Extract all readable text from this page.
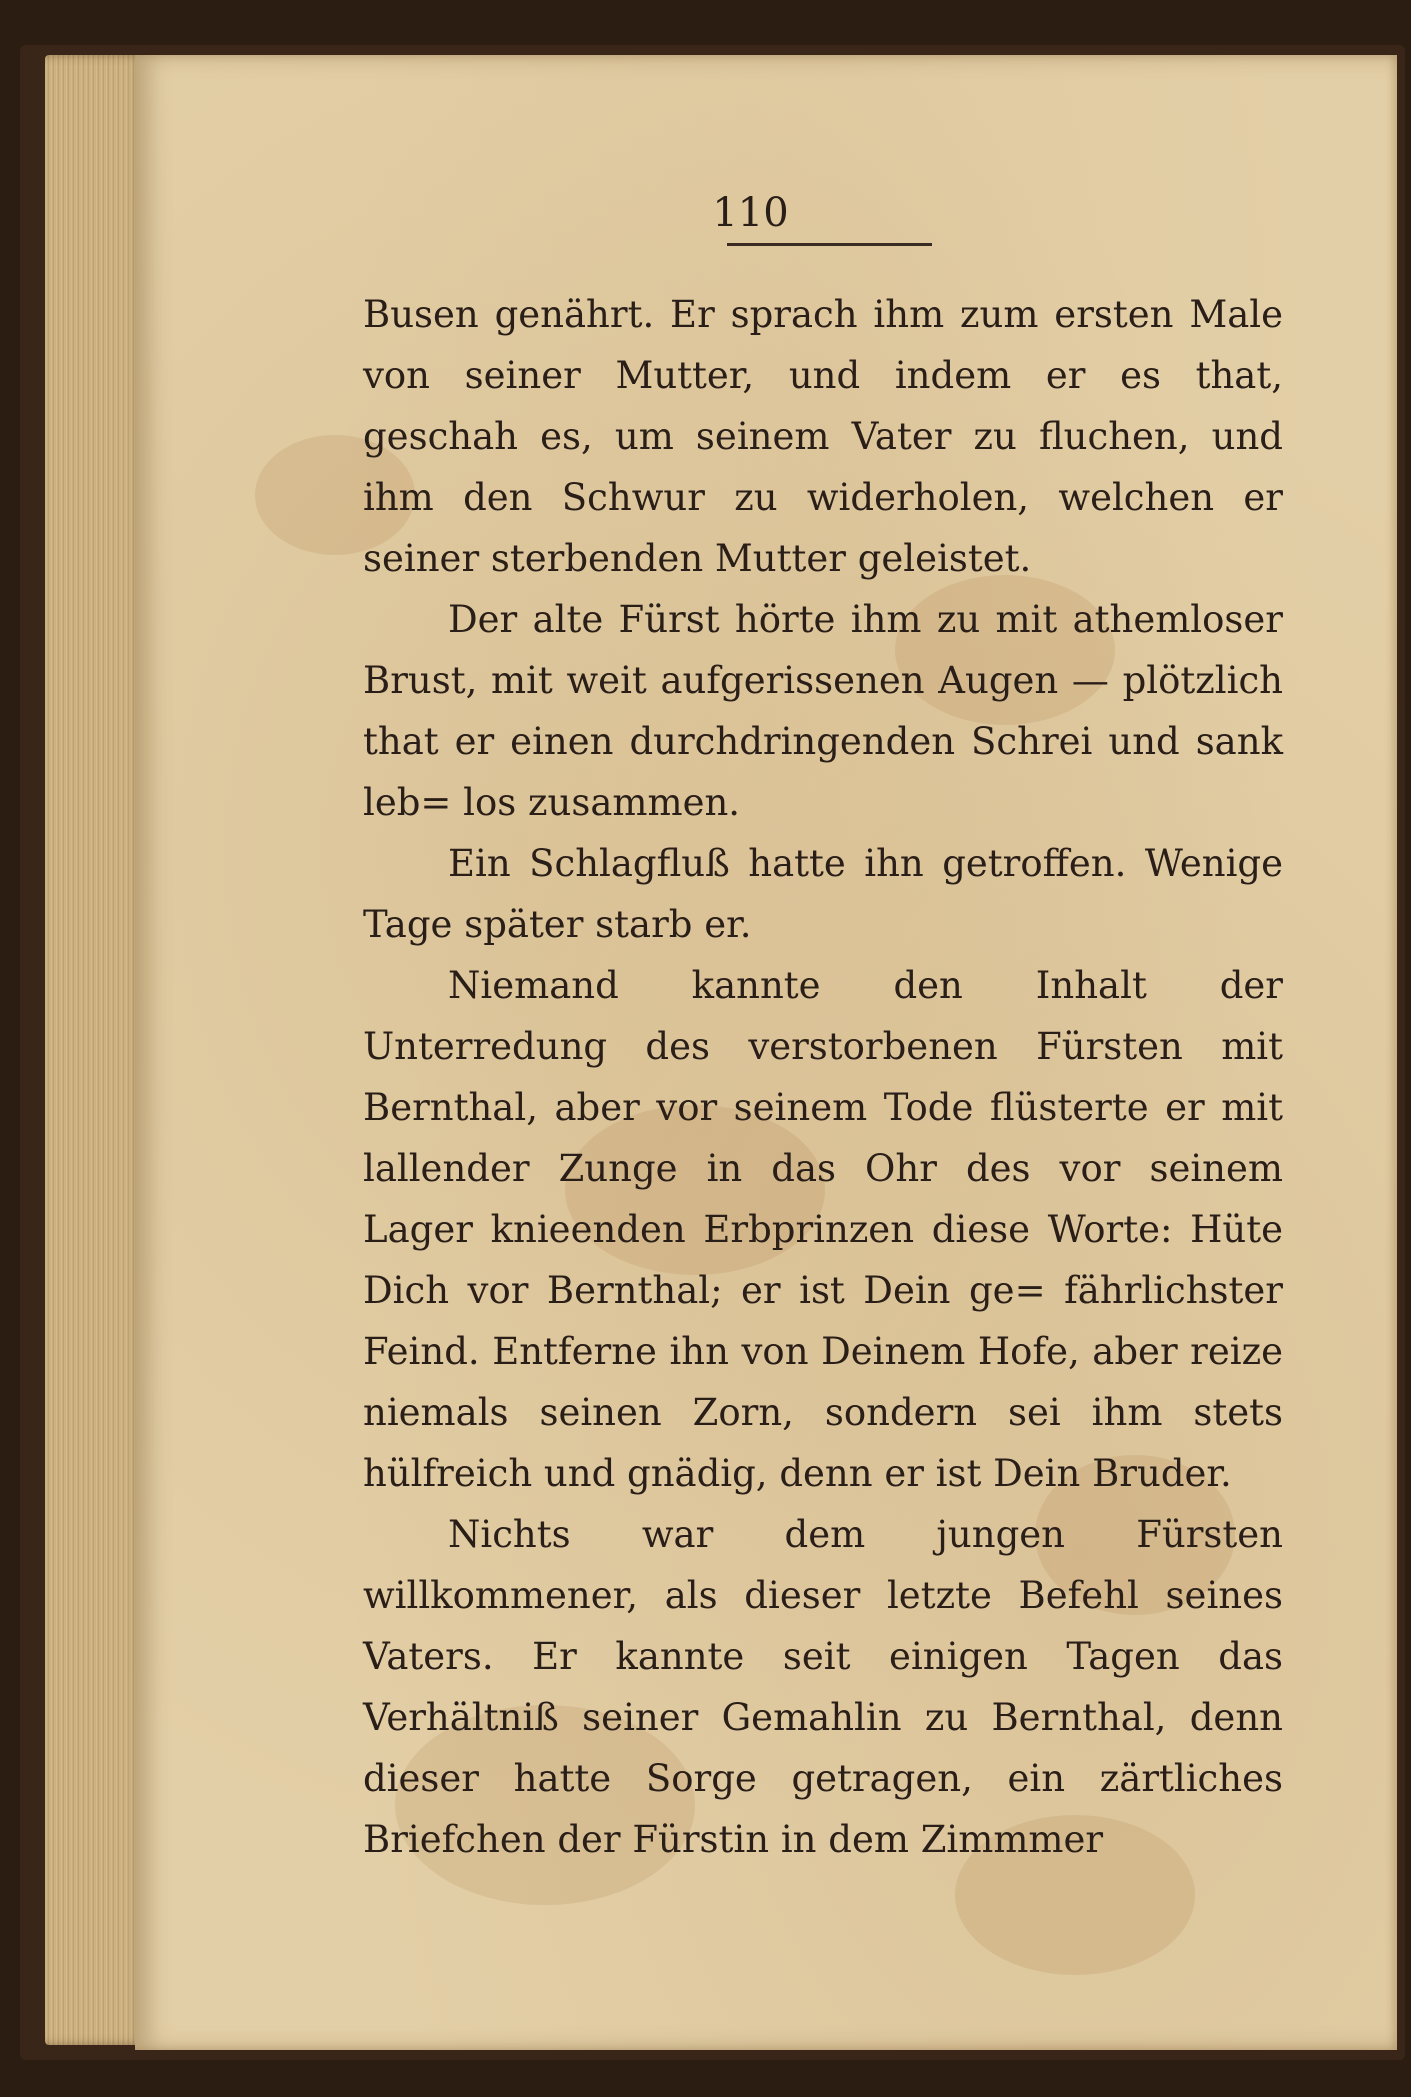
110

Busen genährt. Er sprach ihm zum ersten Male von seiner Mutter, und indem er es that, geschah es, um seinem Vater zu fluchen, und ihm den Schwur zu widerholen, welchen er seiner sterbenden Mutter geleistet.

Der alte Fürst hörte ihm zu mit athemloser Brust, mit weit aufgerissenen Augen — plötzlich that er einen durchdringenden Schrei und sank leb= los zusammen.

Ein Schlagfluß hatte ihn getroffen. Wenige Tage später starb er.

Niemand kannte den Inhalt der Unterredung des verstorbenen Fürsten mit Bernthal, aber vor seinem Tode flüsterte er mit lallender Zunge in das Ohr des vor seinem Lager knieenden Erbprinzen diese Worte: Hüte Dich vor Bernthal; er ist Dein ge= fährlichster Feind. Entferne ihn von Deinem Hofe, aber reize niemals seinen Zorn, sondern sei ihm stets hülfreich und gnädig, denn er ist Dein Bruder.

Nichts war dem jungen Fürsten willkommener, als dieser letzte Befehl seines Vaters. Er kannte seit einigen Tagen das Verhältniß seiner Gemahlin zu Bernthal, denn dieser hatte Sorge getragen, ein zärtliches Briefchen der Fürstin in dem Zimmmer
